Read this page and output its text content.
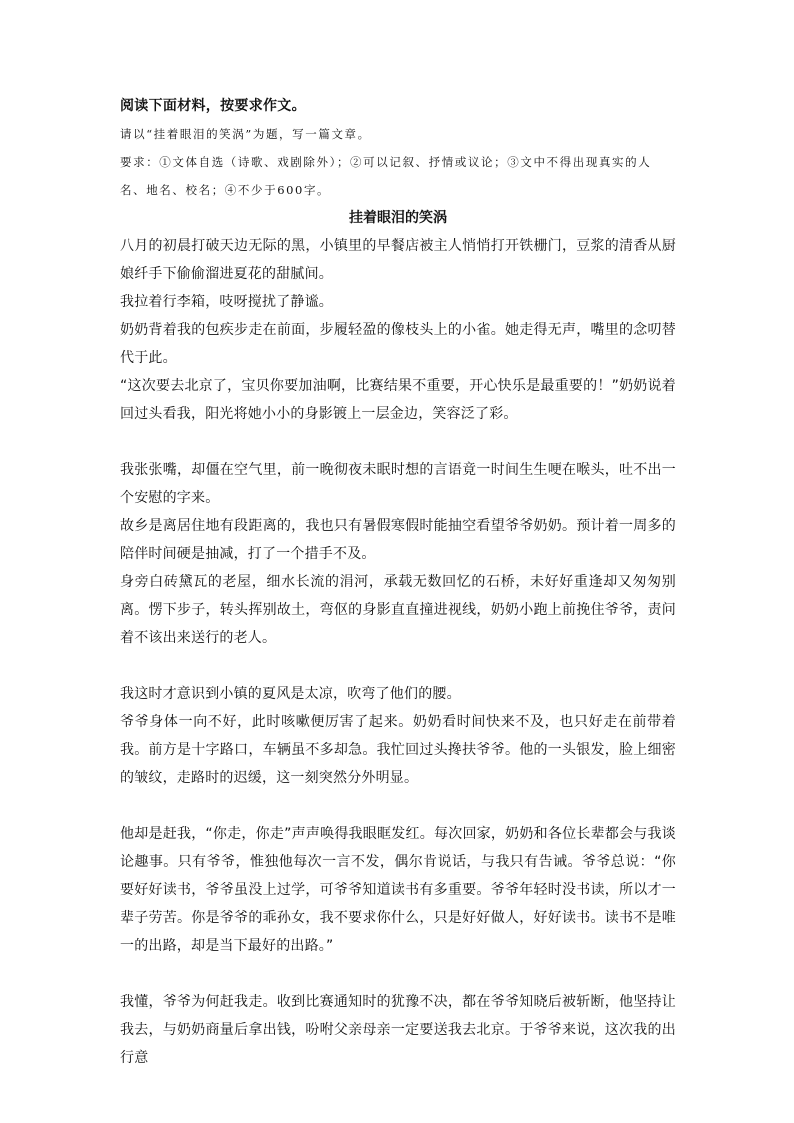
阅读下面材料，按要求作文。

请以“挂着眼泪的笑涡”为题，写一篇文章。

要求：①文体自选（诗歌、戏剧除外）；②可以记叙、抒情或议论；③文中不得出现真实的人名、地名、校名；④不少于600字。

挂着眼泪的笑涡

八月的初晨打破天边无际的黑，小镇里的早餐店被主人悄悄打开铁栅门，豆浆的清香从厨娘纤手下偷偷溜进夏花的甜腻间。

我拉着行李箱，吱呀搅扰了静谧。

奶奶背着我的包疾步走在前面，步履轻盈的像枝头上的小雀。她走得无声，嘴里的念叨替代于此。

“这次要去北京了，宝贝你要加油啊，比赛结果不重要，开心快乐是最重要的！”奶奶说着回过头看我，阳光将她小小的身影镀上一层金边，笑容泛了彩。

我张张嘴，却僵在空气里，前一晚彻夜未眠时想的言语竟一时间生生哽在喉头，吐不出一个安慰的字来。

故乡是离居住地有段距离的，我也只有暑假寒假时能抽空看望爷爷奶奶。预计着一周多的陪伴时间硬是抽减，打了一个措手不及。

身旁白砖黛瓦的老屋，细水长流的涓河，承载无数回忆的石桥，未好好重逢却又匆匆别离。愣下步子，转头挥别故土，弯伛的身影直直撞进视线，奶奶小跑上前挽住爷爷，责问着不该出来送行的老人。

我这时才意识到小镇的夏风是太凉，吹弯了他们的腰。

爷爷身体一向不好，此时咳嗽便厉害了起来。奶奶看时间快来不及，也只好走在前带着我。前方是十字路口，车辆虽不多却急。我忙回过头搀扶爷爷。他的一头银发，脸上细密的皱纹，走路时的迟缓，这一刻突然分外明显。

他却是赶我，“你走，你走”声声唤得我眼眶发红。每次回家，奶奶和各位长辈都会与我谈论趣事。只有爷爷，惟独他每次一言不发，偶尔肯说话，与我只有告诫。爷爷总说：“你要好好读书，爷爷虽没上过学，可爷爷知道读书有多重要。爷爷年轻时没书读，所以才一辈子劳苦。你是爷爷的乖孙女，我不要求你什么，只是好好做人，好好读书。读书不是唯一的出路，却是当下最好的出路。”

我懂，爷爷为何赶我走。收到比赛通知时的犹豫不决，都在爷爷知晓后被斩断，他坚持让我去，与奶奶商量后拿出钱，吩咐父亲母亲一定要送我去北京。于爷爷来说，这次我的出行意
